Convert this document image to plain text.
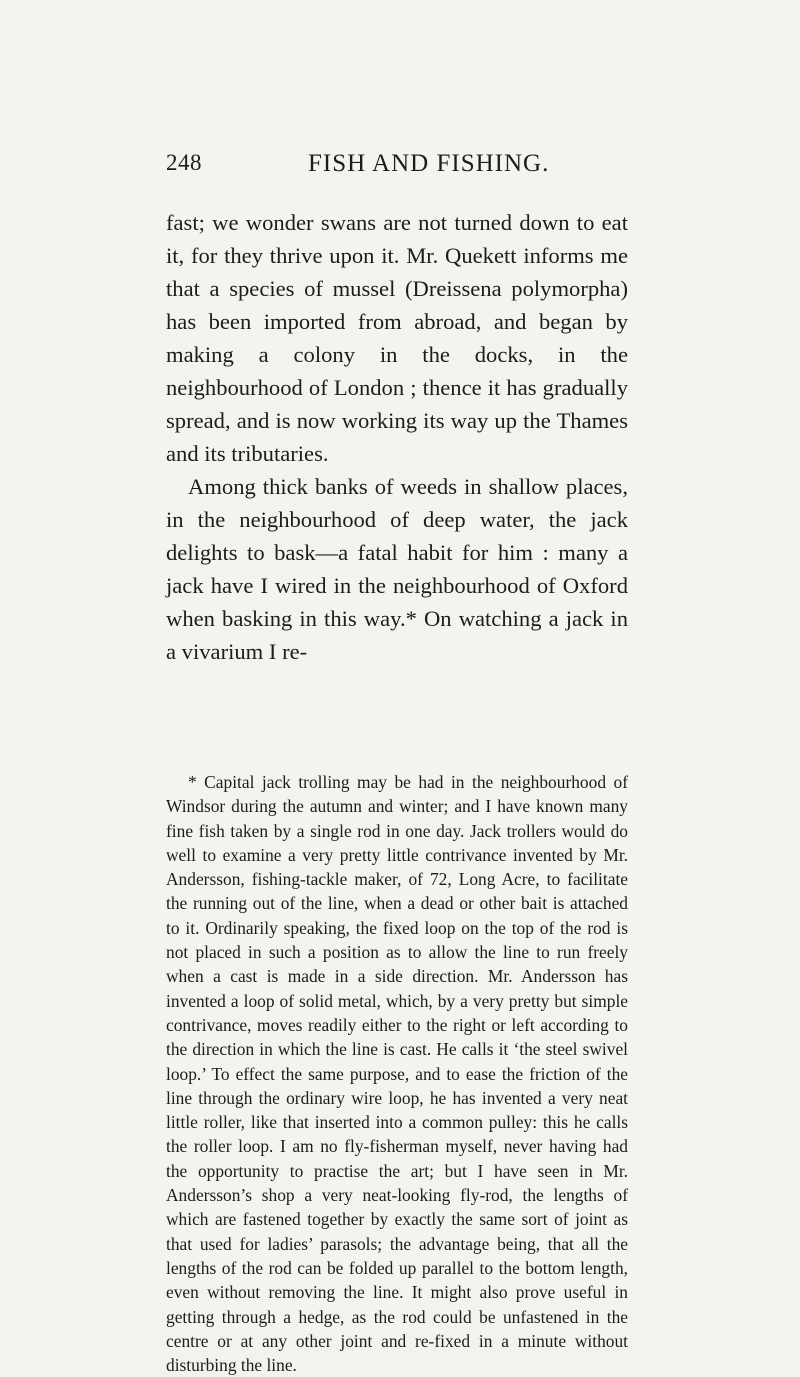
248	FISH AND FISHING.

fast; we wonder swans are not turned down to eat it, for they thrive upon it. Mr. Quekett informs me that a species of mussel (Dreissena polymorpha) has been imported from abroad, and began by making a colony in the docks, in the neighbourhood of London ; thence it has gradually spread, and is now working its way up the Thames and its tributaries.

Among thick banks of weeds in shallow places, in the neighbourhood of deep water, the jack delights to bask—a fatal habit for him : many a jack have I wired in the neighbourhood of Oxford when basking in this way.* On watching a jack in a vivarium I re-

* Capital jack trolling may be had in the neighbourhood of Windsor during the autumn and winter; and I have known many fine fish taken by a single rod in one day. Jack trollers would do well to examine a very pretty little contrivance invented by Mr. Andersson, fishing-tackle maker, of 72, Long Acre, to facilitate the running out of the line, when a dead or other bait is attached to it. Ordinarily speaking, the fixed loop on the top of the rod is not placed in such a position as to allow the line to run freely when a cast is made in a side direction. Mr. Andersson has invented a loop of solid metal, which, by a very pretty but simple contrivance, moves readily either to the right or left according to the direction in which the line is cast. He calls it ‘the steel swivel loop.’ To effect the same purpose, and to ease the friction of the line through the ordinary wire loop, he has invented a very neat little roller, like that inserted into a common pulley: this he calls the roller loop. I am no fly-fisherman myself, never having had the opportunity to practise the art; but I have seen in Mr. Andersson’s shop a very neat-looking fly-rod, the lengths of which are fastened together by exactly the same sort of joint as that used for ladies’ parasols; the advantage being, that all the lengths of the rod can be folded up parallel to the bottom length, even without removing the line. It might also prove useful in getting through a hedge, as the rod could be unfastened in the centre or at any other joint and re-fixed in a minute without disturbing the line.
